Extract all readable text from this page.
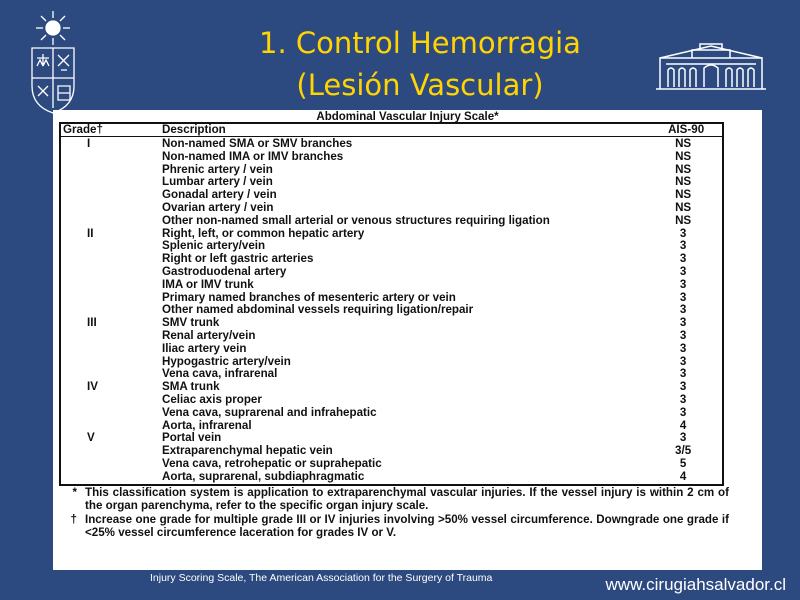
1. Control Hemorragia
(Lesión Vascular)
Abdominal Vascular Injury Scale*
Grade†	Description	AIS-90
I	Non-named SMA or SMV branches	NS
	Non-named IMA or IMV branches	NS
	Phrenic artery / vein	NS
	Lumbar artery / vein	NS
	Gonadal artery / vein	NS
	Ovarian artery / vein	NS
	Other non-named small arterial or venous structures requiring ligation	NS
II	Right, left, or common hepatic artery	3
	Splenic artery/vein	3
	Right or left gastric arteries	3
	Gastroduodenal artery	3
	IMA or IMV trunk	3
	Primary named branches of mesenteric artery or vein	3
	Other named abdominal vessels requiring ligation/repair	3
III	SMV trunk	3
	Renal artery/vein	3
	Iliac artery vein	3
	Hypogastric artery/vein	3
	Vena cava, infrarenal	3
IV	SMA trunk	3
	Celiac axis proper	3
	Vena cava, suprarenal and infrahepatic	3
	Aorta, infrarenal	4
V	Portal vein	3
	Extraparenchymal hepatic vein	3/5
	Vena cava, retrohepatic or suprahepatic	5
	Aorta, suprarenal, subdiaphragmatic	4
* This classification system is application to extraparenchymal vascular injuries. If the vessel injury is within 2 cm of the organ parenchyma, refer to the specific organ injury scale.
† Increase one grade for multiple grade III or IV injuries involving >50% vessel circumference. Downgrade one grade if <25% vessel circumference laceration for grades IV or V.
Injury Scoring Scale, The American Association for the Surgery of Trauma	www.cirugiahsalvador.cl
